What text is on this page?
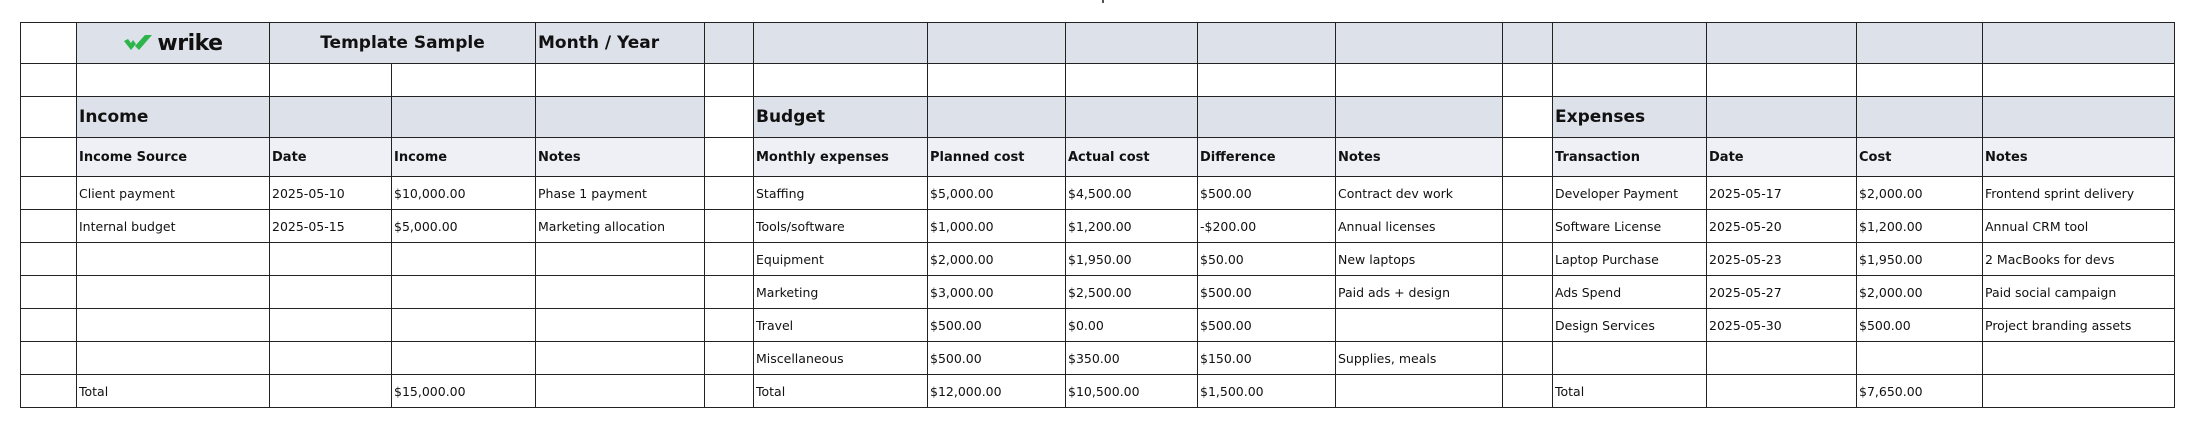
	wrike	Template Sample		Month / Year											

	Income					Budget						Expenses			
	Income Source	Date	Income	Notes		Monthly expenses	Planned cost	Actual cost	Difference	Notes		Transaction	Date	Cost	Notes
	Client payment	2025-05-10	$10,000.00	Phase 1 payment		Staffing	$5,000.00	$4,500.00	$500.00	Contract dev work		Developer Payment	2025-05-17	$2,000.00	Frontend sprint delivery
	Internal budget	2025-05-15	$5,000.00	Marketing allocation		Tools/software	$1,000.00	$1,200.00	-$200.00	Annual licenses		Software License	2025-05-20	$1,200.00	Annual CRM tool
						Equipment	$2,000.00	$1,950.00	$50.00	New laptops		Laptop Purchase	2025-05-23	$1,950.00	2 MacBooks for devs
						Marketing	$3,000.00	$2,500.00	$500.00	Paid ads + design		Ads Spend	2025-05-27	$2,000.00	Paid social campaign
						Travel	$500.00	$0.00	$500.00			Design Services	2025-05-30	$500.00	Project branding assets
						Miscellaneous	$500.00	$350.00	$150.00	Supplies, meals					
	Total		$15,000.00			Total	$12,000.00	$10,500.00	$1,500.00			Total		$7,650.00	
